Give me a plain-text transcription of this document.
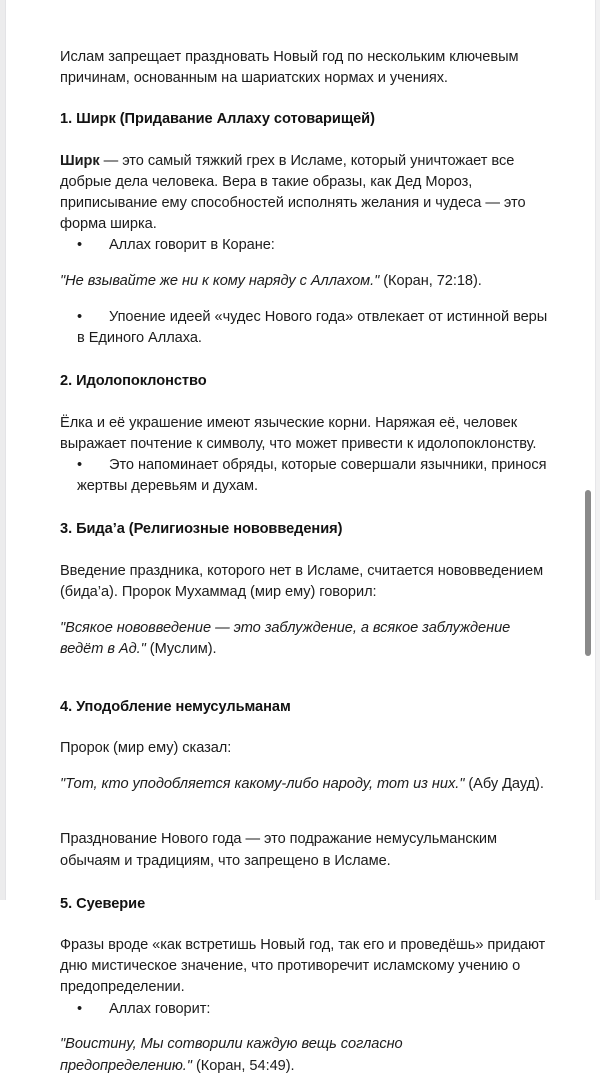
Ислам запрещает праздновать Новый год по нескольким ключевым причинам, основанным на шариатских нормах и учениях.

1. Ширк (Придавание Аллаху сотоварищей)

Ширк — это самый тяжкий грех в Исламе, который уничтожает все добрые дела человека. Вера в такие образы, как Дед Мороз, приписывание ему способностей исполнять желания и чудеса — это форма ширка.

• Аллах говорит в Коране:

"Не взывайте же ни к кому наряду с Аллахом." (Коран, 72:18).

• Упоение идеей «чудес Нового года» отвлекает от истинной веры в Единого Аллаха.
2. Идолопоклонство

Ёлка и её украшение имеют языческие корни. Наряжая её, человек выражает почтение к символу, что может привести к идолопоклонству.

• Это напоминает обряды, которые совершали язычники, принося жертвы деревьям и духам.
3. Бида’а (Религиозные нововведения)

Введение праздника, которого нет в Исламе, считается нововведением (бида’а). Пророк Мухаммад (мир ему) говорил:

"Всякое нововведение — это заблуждение, а всякое заблуждение ведёт в Ад." (Муслим).

4. Уподобление немусульманам

Пророк (мир ему) сказал:

"Тот, кто уподобляется какому-либо народу, тот из них." (Абу Дауд).

Празднование Нового года — это подражание немусульманским обычаям и традициям, что запрещено в Исламе.

5. Суеверие

Фразы вроде «как встретишь Новый год, так его и проведёшь» придают дню мистическое значение, что противоречит исламскому учению о предопределении.

• Аллах говорит:

"Воистину, Мы сотворили каждую вещь согласно предопределению." (Коран, 54:49).
